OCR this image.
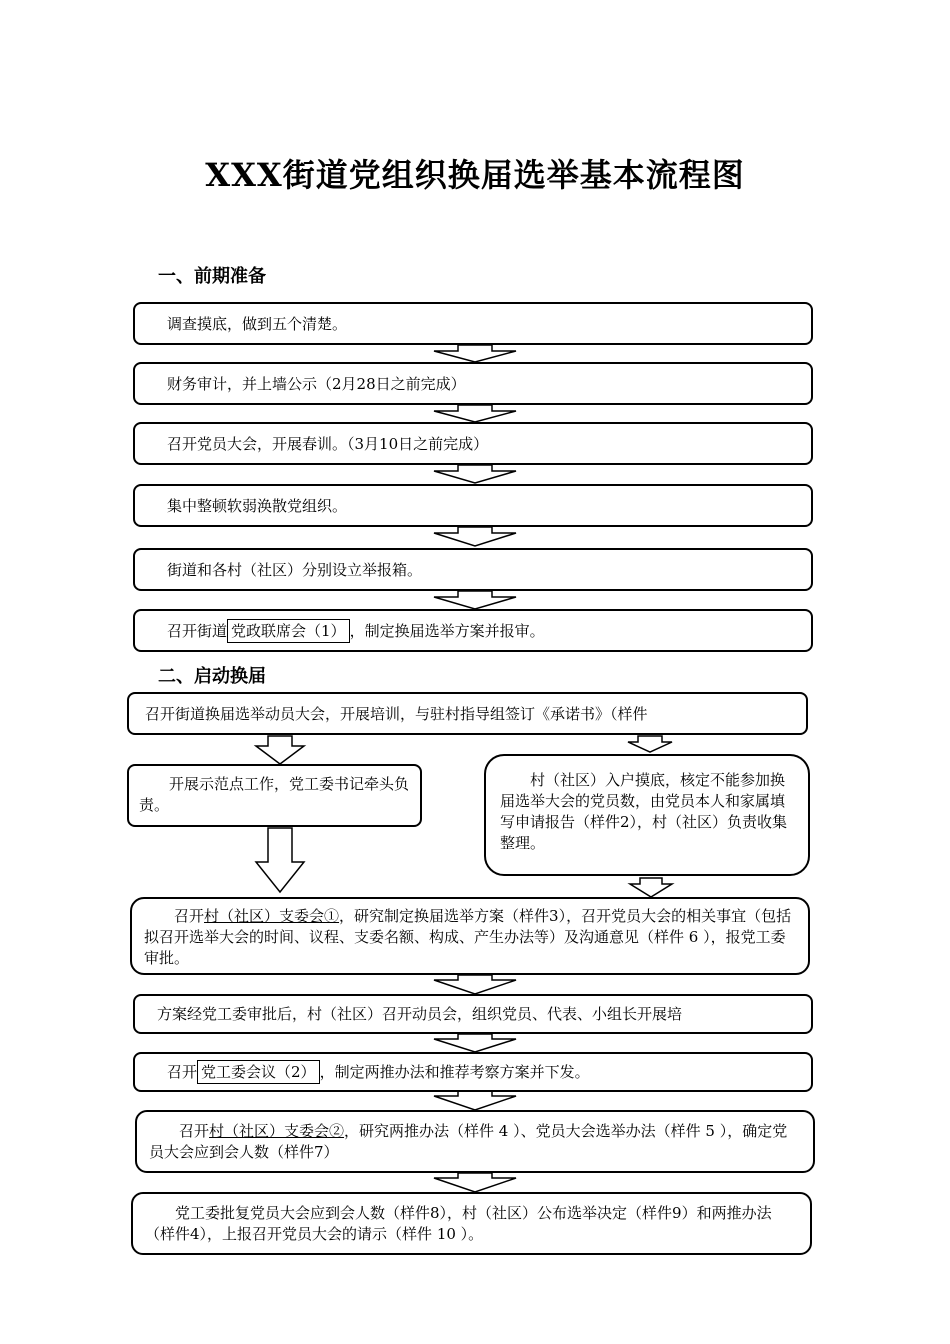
XXX街道党组织换届选举基本流程图
一、前期准备
二、启动换届
调查摸底，做到五个清楚。
财务审计，并上墙公示（2月28日之前完成）
召开党员大会，开展春训。（3月10日之前完成）
集中整顿软弱涣散党组织。
街道和各村（社区）分别设立举报箱。
召开街道 党政联席会（1） ，制定换届选举方案并报审。
召开街道换届选举动员大会，开展培训，与驻村指导组签订《承诺书》（样件
开展示范点工作，党工委书记牵头负责。
村（社区）入户摸底，核定不能参加换届选举大会的党员数，由党员本人和家属填写申请报告（样件2），村（社区）负责收集整理。
召开村（社区）支委会①，研究制定换届选举方案（样件3），召开党员大会的相关事宜（包括拟召开选举大会的时间、议程、支委名额、构成、产生办法等）及沟通意见（样件 6 ），报党工委审批。
方案经党工委审批后，村（社区）召开动员会，组织党员、代表、小组长开展培
召开 党工委会议（2） ，制定两推办法和推荐考察方案并下发。
召开村（社区）支委会②，研究两推办法（样件 4 ）、党员大会选举办法（样件 5 ），确定党员大会应到会人数（样件7）
党工委批复党员大会应到会人数（样件8），村（社区）公布选举决定（样件9）和两推办法（样件4），上报召开党员大会的请示（样件 10 ）。
